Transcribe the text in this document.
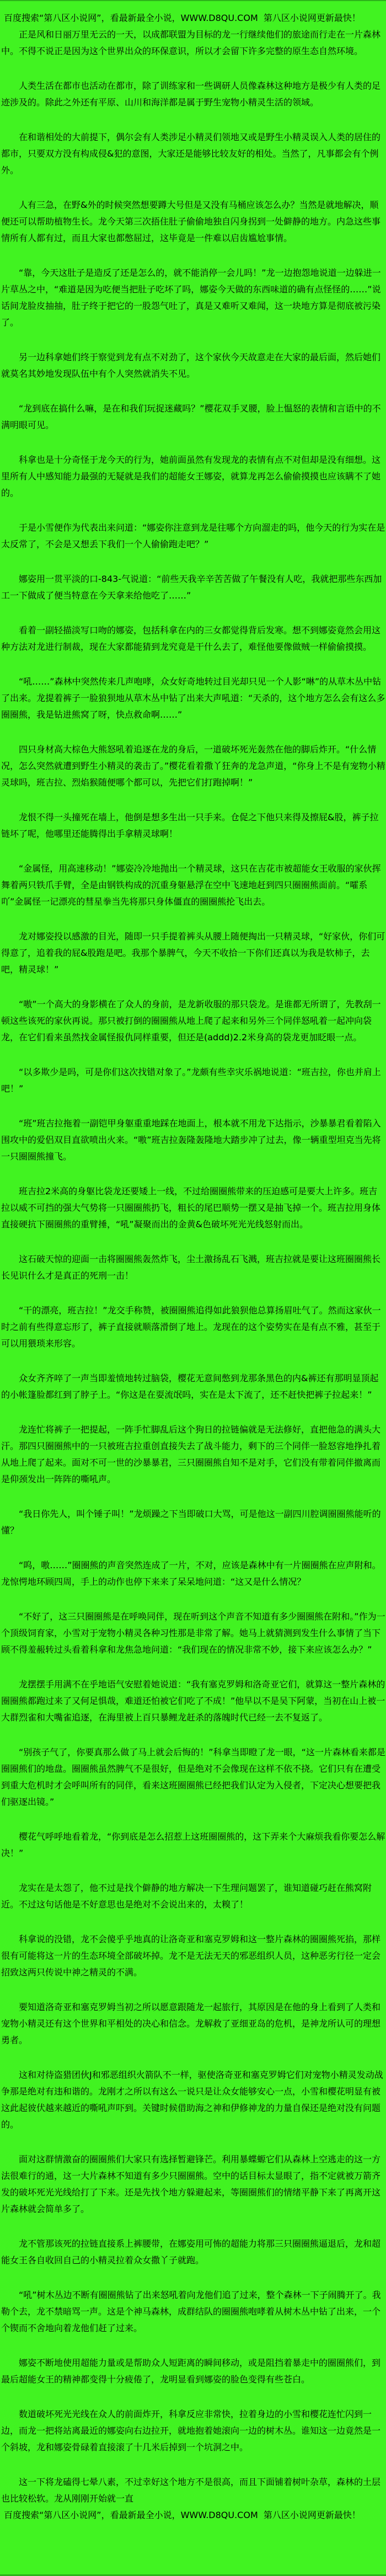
百度搜索“第八区小说网”，看最新最全小说，WWW.D8QU.COM  第八区小说网更新最快！

正是风和日丽万里无云的一天，以成都联盟为目标的龙一行继续他们的旅途而行走在一片森林中。不得不说正是因为这个世界出众的环保意识，所以才会留下许多完整的原生态自然环境。

人类生活在都市也活动在都市，除了训练家和一些调研人员像森林这种地方是极少有人类的足迹涉及的。除此之外还有平原、山川和海洋都是属于野生宠物小精灵生活的领域。

在和谐相处的大前提下，偶尔会有人类涉足小精灵们领地又或是野生小精灵误入人类的居住的都市，只要双方没有构成侵&犯的意图，大家还是能够比较友好的相处。当然了，凡事都会有个例外。

人有三急，在野&外的时候突然想要蹲大号但是又没有马桶应该怎么办？当然是就地解决，顺便还可以帮助植物生长。龙今天第三次捂住肚子偷偷地独自闪身拐到一处僻静的地方。内急这些事情所有人都有过，而且大家也都憋屈过，这毕竟是一件难以启齿尴尬事情。

“靠，今天这肚子是造反了还是怎么的，就不能消停一会儿吗！”龙一边抱怨地说道一边躲进一片草丛之中，“难道是因为吃便当把肚子吃坏了吗，娜姿今天做的东西味道的确有点怪怪的……”说话间龙脸皮抽抽，肚子终于把它的一股怨气吐了，真是又难听又难闻，这一块地方算是彻底被污染了。

另一边科拿她们终于察觉到龙有点不对劲了，这个家伙今天故意走在大家的最后面，然后她们就莫名其妙地发现队伍中有个人突然就消失不见。

“龙到底在搞什么嘛，是在和我们玩捉迷藏吗？”樱花双手叉腰，脸上愠怒的表情和言语中的不满明眼可见。

科拿也是十分奇怪于龙今天的行为，她前面虽然有发现龙的表情有点不对但却是没有细想。这里所有人中感知能力最强的无疑就是我们的超能女王娜姿，就算龙再怎么偷偷摸摸也应该瞒不了她的。

于是小雪便作为代表出来问道：“娜姿你注意到龙是往哪个方向溜走的吗，他今天的行为实在是太反常了，不会是又想丢下我们一个人偷偷跑走吧？”

娜姿用一贯平淡的口-843-气说道：“前些天我辛辛苦苦做了午餐没有人吃，我就把那些东西加工一下做成了便当特意在今天拿来给他吃了……”

看着一副轻描淡写口吻的娜姿，包括科拿在内的三女都觉得背后发寒。想不到娜姿竟然会用这种方法对龙进行制裁，现在大家都能猜到龙究竟是干什么去了，难怪他要像做贼一样偷偷摸摸。

“吼……”森林中突然传来几声咆哮，众女好奇地转过目光却只见一个人影“啉”的从草木丛中钻了出来。龙提着裤子一脸狼狈地从草木丛中钻了出来大声吼道：“天杀的，这个地方怎么会有这么多圈圈熊，我是钻进熊窝了呀，快点救命啊……”

四只身材高大棕色大熊怒吼着追逐在龙的身后，一道破坏死光轰然在他的脚后炸开。“什么情况，怎么突然就遭到野生小精灵的袭击了。”樱花看着撒丫狂奔的龙急声道，“你身上不是有宠物小精灵球吗，班吉拉、烈焰猴随便哪个都可以，先把它们打跑掉啊！”

龙恨不得一头撞死在墙上，他倒是想多生出一只手来。仓促之下他只来得及擦屁&股，裤子拉链坏了呢，他哪里还能腾得出手拿精灵球啊！

“金属怪，用高速移动！”娜姿冷冷地抛出一个精灵球，这只在吉花市被超能女王收服的家伙挥舞着两只铁爪手臂，全是由钢铁构成的沉重身躯悬浮在空中飞速地赶到四只圈圈熊面前。“嚯系吖”金属怪一记漂亮的彗星拳当先将那只身体僵直的圈圈熊抡飞出去。

龙对娜姿投以感激的目光，随即一只手提着裤头从腰上随便掏出一只精灵球，“好家伙，你们可得意了，追着我的屁&股跑是吧。我那个暴脾气，今天不收拾一下你们还真以为我是软柿子，去吧，精灵球！”

“嗷”一个高大的身影横在了众人的身前，是龙新收服的那只袋龙。是谁都无所谓了，先教刮一顿这些该死的家伙再说。那只被打倒的圈圈熊从地上爬了起来和另外三个同伴怒吼着一起冲向袋龙，在它们看来虽然找金属怪报仇同样重要，但还是(addd)2.2米身高的袋龙更加眨眼一点。

“以多欺少是吗，可是你们这次找错对象了。”龙颇有些幸灾乐祸地说道：“班吉拉，你也并肩上吧！”

“班”班吉拉拖着一副铠甲身躯重重地踩在地面上，根本就不用龙下达指示，沙暴暴君看着陷入围攻中的爱侣双目直欲喷出火来。“嗷”班吉拉轰隆轰隆地大踏步冲了过去，像一辆重型坦克当先将一只圈圈熊撞飞。

班吉拉2米高的身躯比袋龙还要矮上一线，不过给圈圈熊带来的压迫感可是要大上许多。班吉拉以威不可挡的强大气势将一只圈圈熊扔飞，粗长的尾巴顺势一摆又是抽飞掉一个。班吉拉用身体直接硬抗下圈圈熊的重臂捶，“吼”凝聚而出的金黄&色破坏死光光线怒射而出。

这石破天惊的迎面一击将圈圈熊轰然炸飞，尘土激扬乱石飞溅，班吉拉就是要让这班圈圈熊长长见识什么才是真正的死刑一击！

“干的漂亮，班吉拉！”龙交手称赞，被圈圈熊追得如此狼狈他总算扬眉吐气了。然而这家伙一时之前有些得意忘形了，裤子直接就顺落滑倒了地上。龙现在的这个姿势实在是有点不雅，甚至于可以用猥琐来形容。

众女齐齐啐了一声当即羞愤地转过脑袋，樱花无意间憋到龙那条黑色的内&裤还有那明显顶起的小帐篷脸都红到了脖子上。“你这是在耍流氓吗，实在是太下流了，还不赶快把裤子拉起来！”

龙连忙将裤子一把提起，一阵手忙脚乱后这个狗日的拉链偏就是无法修好，直把他急的满头大汗。那四只圈圈熊中的一只被班吉拉重创直接失去了战斗能力，剩下的三个同伴一脸怒容地挣扎着从地上爬了起来。面对不可一世的沙暴暴君，三只圈圈熊自知不是对手，它们没有带着同伴撤离而是仰颈发出一阵阵的嘶吼声。

“我日你先人，叫个锤子叫！”龙烦躁之下当即破口大骂，可是他这一副四川腔调圈圈熊能听的懂？

“呜，嗷……”圈圈熊的声音突然连成了一片，不对，应该是森林中有一片圈圈熊在应声附和。龙惊愕地环顾四周，手上的动作也停下来来了呆呆地问道：“这又是什么情况？

“不好了，这三只圈圈熊是在呼唤同伴，现在听到这个声音不知道有多少圈圈熊在附和。”作为一个顶级饲育家，小雪对于宠物小精灵各种习性那是非常了解。她马上就猜测到发生什么事情了当下顾不得羞赧转过头看着科拿和龙焦急地问道：“我们现在的情况非常不妙，接下来应该怎么办？”

龙摆摆手用满不在乎地语气安慰着她说道：“我有塞克罗姆和洛奇亚它们，就算这一整片森林的圈圈熊都跑过来了又何足惧哉，难道还怕被它们吃了不成！”他早以不是吴下阿蒙，当初在山上被一大群烈雀和大嘴雀追逐，在海里被上百只暴鲤龙赶杀的落魄时代已经一去不复返了。

“别孩子气了，你要真那么做了马上就会后悔的！”科拿当即瞪了龙一眼，“这一片森林看来都是圈圈熊们的地盘。圈圈熊虽然脾气不是很好，但是绝对不会像现在这样不依不挠。它们只有在遭受到重大危机时才会呼叫所有的同伴，看来这班圈圈熊已经把我们认定为入侵者，下定决心想要把我们驱逐出镜。”

樱花气呼呼地看着龙，“你到底是怎么招惹上这班圈圈熊的，这下弄来个大麻烦我看你要怎么解决！”

龙实在是太怨了，他不过是找个僻静的地方解决一下生理问题罢了，谁知道碰巧赶在熊窝附近。不过这句话他是不好意思也是绝对不会说出来的，太糗了！

科拿说的没错，龙不会傻乎乎地真的让洛奇亚和塞克罗姆和这一整片森林的圈圈熊死掐，那样很有可能将这一片的生态环境全部破坏掉。龙不是无法无天的邪恶组织人员，这种恶劣行径一定会招致这两只传说中神之精灵的不满。

要知道洛奇亚和塞克罗姆当初之所以愿意跟随龙一起旅行，其原因是在他的身上看到了人类和宠物小精灵还有这个世界和平相处的决心和信念。龙解救了亚细亚岛的危机，是神龙所认可的理想勇者。

这和对待盗猎团伙J和邪恶组织火箭队不一样，驱使洛奇亚和塞克罗姆它们对宠物小精灵发动战争那是绝对有违和谐的。龙刚才之所以有这么一说只是让众女能够安心一点，小雪和樱花明显有被这此起彼伏越来越近的嘶吼声吓到。关键时候借助海之神和伊修神龙的力量自保还是绝对没有问题的。

面对这群情激奋的圈圈熊们大家只有选择暂避锋芒。利用暴蝶螈它们从森林上空逃走的这一方法很难行的通，这一大片森林不知道有多少只圈圈熊。空中的话目标太显眼了，指不定就被万箭齐发的破坏死光光线给打了下来。还是先找个地方躲避起来，等圈圈熊们的情绪平静下来了再离开这片森林就会简单多了。

龙不管那该死的拉链直接系上裤腰带，在娜姿用可怖的超能力将那三只圈圈熊逼退后，龙和超能女王各自收回自己的小精灵拉着众女撒丫子就跑。

“吼”树木丛边不断有圈圈熊钻了出来怒吼着向龙他们追了过来，整个森林一下子闹腾开了。我勒个去，龙不禁暗骂一声。这是个神马森林，成群结队的圈圈熊咆哮着从树木丛中钻了出来，一个个锲而不舍地向着龙他们赶了过来。

娜姿不断地使用超能力量或是帮助众人短距离的瞬间移动，或是阻挡着暴走中的圈圈熊们，到最后超能女王的精神都变得十分疲倦了，龙明显看到娜姿的脸色变得有些苍白。

数道破坏死光光线在众人的前面炸开，科拿反应非常快，拉着身边的小雪和樱花连忙闪到一边，而龙一把将站离最近的娜姿向右边拉开，就地抱着她滚向一边的树木丛。谁知这一边竟然是一个斜坡，龙和娜姿骨碌着直接滚了十几米后掉到一个坑洞之中。

这一下将龙磕得七晕八素，不过幸好这个地方不是很高，而且下面铺着树叶杂草，森林的土层也比较松软。龙从刚刚开始就一直

百度搜索“第八区小说网”，看最新最全小说，WWW.D8QU.COM  第八区小说网更新最快！
